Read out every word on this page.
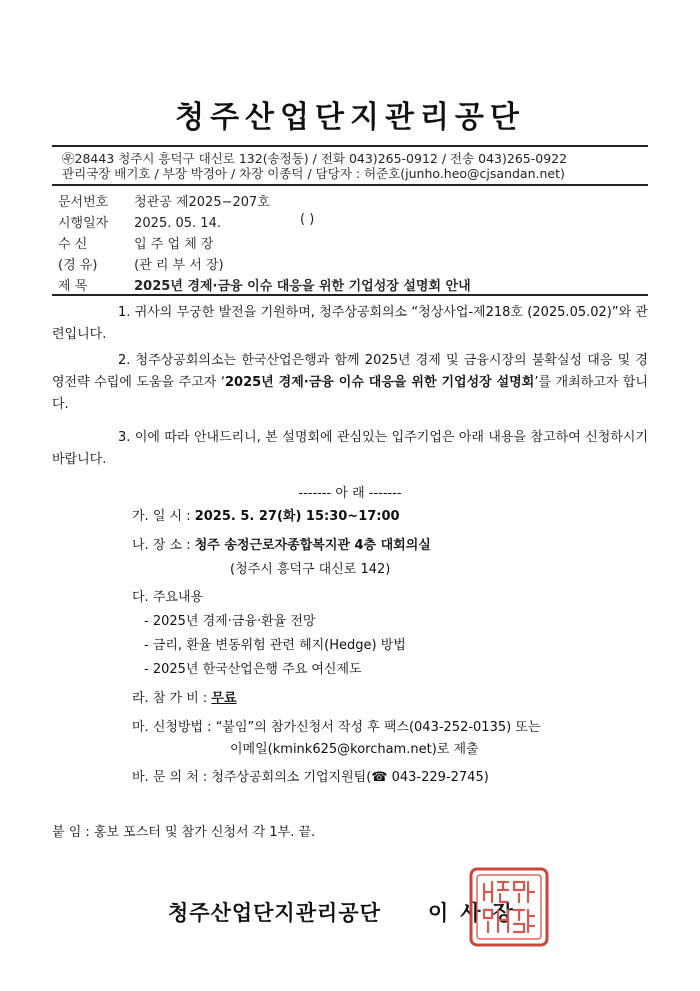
청주산업단지관리공단
㉾28443 청주시 흥덕구 대신로 132(송정동) / 전화 043)265-0912 / 전송 043)265-0922
관리국장 배기호 / 부장 박경아 / 차장 이종덕 / 담당자 : 허준호(junho.heo@cjsandan.net)
문서번호 청관공 제2025−207호
시행일자 2025. 05. 14.	( )
수 신	입 주 업 체 장
(경 유)	(관 리 부 서 장)
제 목	2025년 경제·금융 이슈 대응을 위한 기업성장 설명회 안내
1. 귀사의 무궁한 발전을 기원하며, 청주상공회의소 “청상사업-제218호 (2025.05.02)”와 관련입니다.
2. 청주상공회의소는 한국산업은행과 함께 2025년 경제 및 금융시장의 불확실성 대응 및 경영전략 수립에 도움을 주고자 ‘2025년 경제·금융 이슈 대응을 위한 기업성장 설명회’를 개최하고자 합니다.
3. 이에 따라 안내드리니, 본 설명회에 관심있는 입주기업은 아래 내용을 참고하여 신청하시기 바랍니다.
------- 아 래 -------
가. 일 시 : 2025. 5. 27(화) 15:30~17:00
나. 장 소 : 청주 송정근로자종합복지관 4층 대회의실
(청주시 흥덕구 대신로 142)
다. 주요내용
- 2025년 경제·금융·환율 전망
- 금리, 환율 변동위험 관련 헤지(Hedge) 방법
- 2025년 한국산업은행 주요 여신제도
라. 참 가 비 : 무료
마. 신청방법 : “붙임”의 참가신청서 작성 후 팩스(043-252-0135) 또는
이메일(kmink625@korcham.net)로 제출
바. 문 의 처 : 청주상공회의소 기업지원팀(☎ 043-229-2745)
붙 임 : 홍보 포스터 및 참가 신청서 각 1부. 끝.
청주산업단지관리공단 이사장
